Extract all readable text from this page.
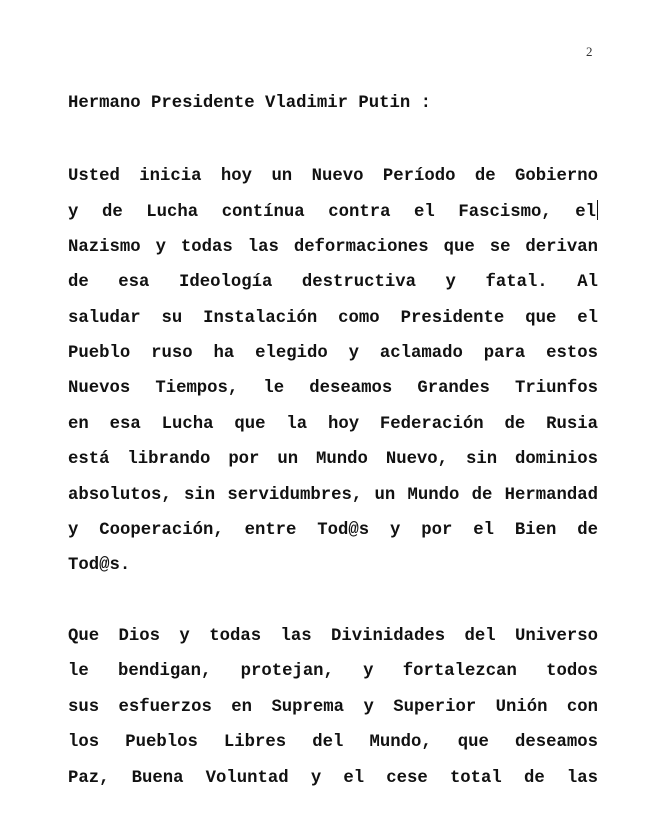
2
Hermano Presidente Vladimir Putin :
Usted inicia hoy un Nuevo Período de Gobierno
y de Lucha contínua contra el Fascismo, el
Nazismo y todas las deformaciones que se derivan
de esa Ideología destructiva y fatal. Al
saludar su Instalación como Presidente que el
Pueblo ruso ha elegido y aclamado para estos
Nuevos Tiempos, le deseamos Grandes Triunfos
en esa Lucha que la hoy Federación de Rusia
está librando por un Mundo Nuevo, sin dominios
absolutos, sin servidumbres, un Mundo de Hermandad
y Cooperación, entre Tod@s y por el Bien de
Tod@s.
Que Dios y todas las Divinidades del Universo
le bendigan, protejan, y fortalezcan todos
sus esfuerzos en Suprema y Superior Unión con
los Pueblos Libres del Mundo, que deseamos
Paz, Buena Voluntad y el cese total de las
